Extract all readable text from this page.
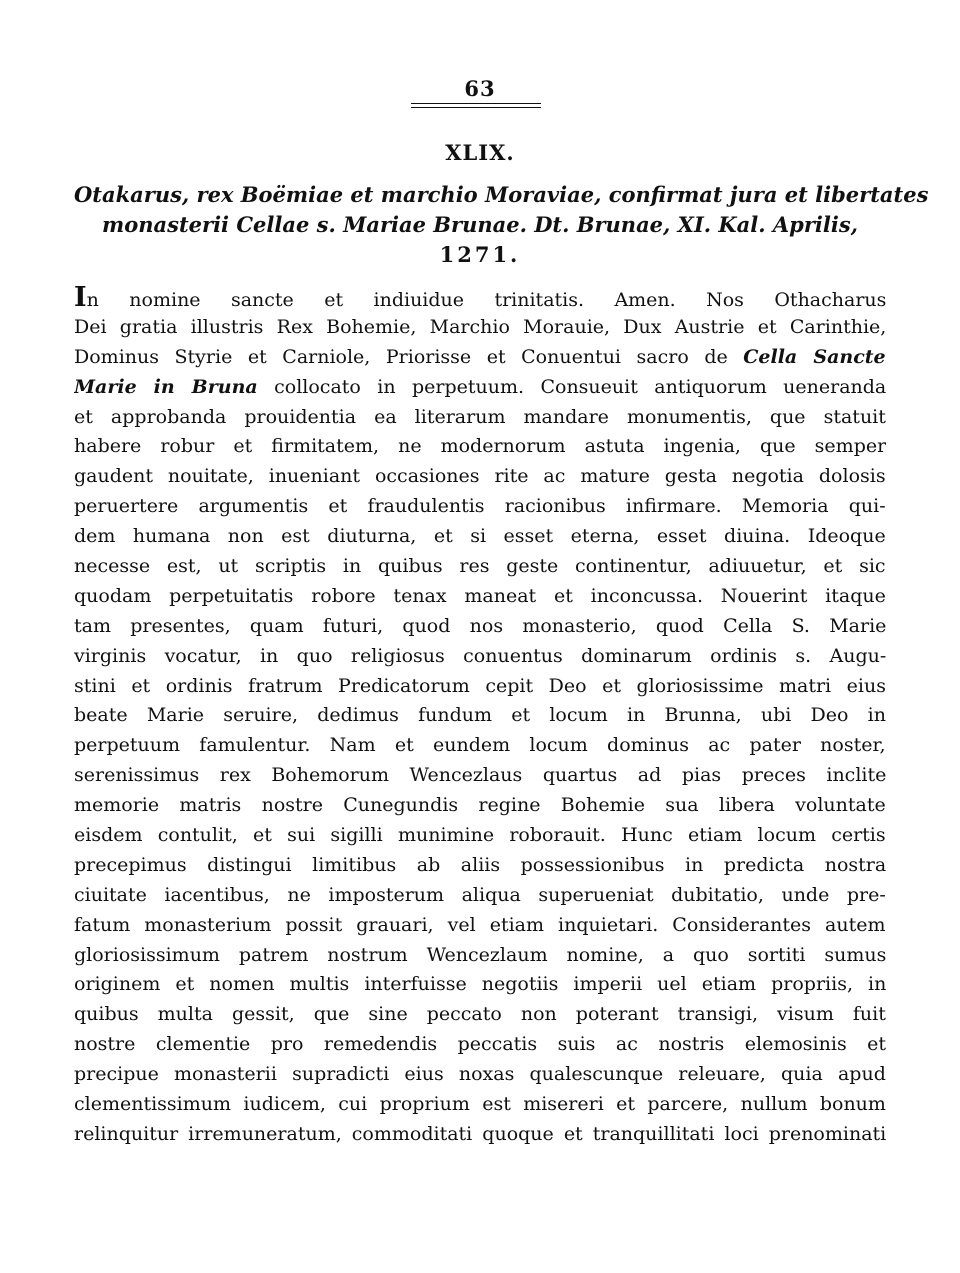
63
XLIX.
Otakarus, rex Boëmiae et marchio Moraviae, confirmat jura et libertates
monasterii Cellae s. Mariae Brunae. Dt. Brunae, XI. Kal. Aprilis,
1271.
In nomine sancte et indiuidue trinitatis. Amen. Nos Othacharus
Dei gratia illustris Rex Bohemie, Marchio Morauie, Dux Austrie et Carinthie,
Dominus Styrie et Carniole, Priorisse et Conuentui sacro de Cella Sancte
Marie in Bruna collocato in perpetuum. Consueuit antiquorum ueneranda
et approbanda prouidentia ea literarum mandare monumentis, que statuit
habere robur et firmitatem, ne modernorum astuta ingenia, que semper
gaudent nouitate, inueniant occasiones rite ac mature gesta negotia dolosis
peruertere argumentis et fraudulentis racionibus infirmare. Memoria qui-
dem humana non est diuturna, et si esset eterna, esset diuina. Ideoque
necesse est, ut scriptis in quibus res geste continentur, adiuuetur, et sic
quodam perpetuitatis robore tenax maneat et inconcussa. Nouerint itaque
tam presentes, quam futuri, quod nos monasterio, quod Cella S. Marie
virginis vocatur, in quo religiosus conuentus dominarum ordinis s. Augu-
stini et ordinis fratrum Predicatorum cepit Deo et gloriosissime matri eius
beate Marie seruire, dedimus fundum et locum in Brunna, ubi Deo in
perpetuum famulentur. Nam et eundem locum dominus ac pater noster,
serenissimus rex Bohemorum Wencezlaus quartus ad pias preces inclite
memorie matris nostre Cunegundis regine Bohemie sua libera voluntate
eisdem contulit, et sui sigilli munimine roborauit. Hunc etiam locum certis
precepimus distingui limitibus ab aliis possessionibus in predicta nostra
ciuitate iacentibus, ne imposterum aliqua superueniat dubitatio, unde pre-
fatum monasterium possit grauari, vel etiam inquietari. Considerantes autem
gloriosissimum patrem nostrum Wencezlaum nomine, a quo sortiti sumus
originem et nomen multis interfuisse negotiis imperii uel etiam propriis, in
quibus multa gessit, que sine peccato non poterant transigi, visum fuit
nostre clementie pro remedendis peccatis suis ac nostris elemosinis et
precipue monasterii supradicti eius noxas qualescunque releuare, quia apud
clementissimum iudicem, cui proprium est misereri et parcere, nullum bonum
relinquitur irremuneratum, commoditati quoque et tranquillitati loci prenominati
